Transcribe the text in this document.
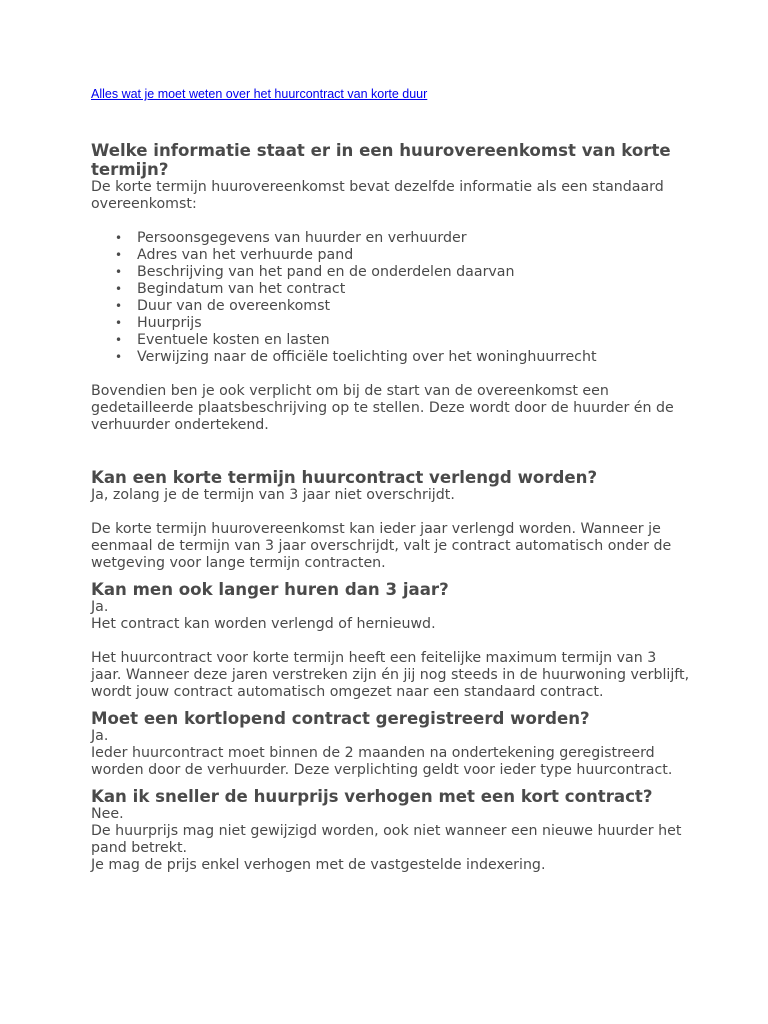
Alles wat je moet weten over het huurcontract van korte duur
Welke informatie staat er in een huurovereenkomst van korte termijn?

De korte termijn huurovereenkomst bevat dezelfde informatie als een standaard overeenkomst:

• Persoonsgegevens van huurder en verhuurder
• Adres van het verhuurde pand
• Beschrijving van het pand en de onderdelen daarvan
• Begindatum van het contract
• Duur van de overeenkomst
• Huurprijs
• Eventuele kosten en lasten
• Verwijzing naar de officiële toelichting over het woninghuurrecht

Bovendien ben je ook verplicht om bij de start van de overeenkomst een gedetailleerde plaatsbeschrijving op te stellen. Deze wordt door de huurder én de verhuurder ondertekend.

Kan een korte termijn huurcontract verlengd worden?

Ja, zolang je de termijn van 3 jaar niet overschrijdt.

De korte termijn huurovereenkomst kan ieder jaar verlengd worden. Wanneer je eenmaal de termijn van 3 jaar overschrijdt, valt je contract automatisch onder de wetgeving voor lange termijn contracten.

Kan men ook langer huren dan 3 jaar?

Ja.

Het contract kan worden verlengd of hernieuwd.

Het huurcontract voor korte termijn heeft een feitelijke maximum termijn van 3 jaar. Wanneer deze jaren verstreken zijn én jij nog steeds in de huurwoning verblijft, wordt jouw contract automatisch omgezet naar een standaard contract.

Moet een kortlopend contract geregistreerd worden?

Ja.

Ieder huurcontract moet binnen de 2 maanden na ondertekening geregistreerd worden door de verhuurder. Deze verplichting geldt voor ieder type huurcontract.

Kan ik sneller de huurprijs verhogen met een kort contract?

Nee.

De huurprijs mag niet gewijzigd worden, ook niet wanneer een nieuwe huurder het pand betrekt.

Je mag de prijs enkel verhogen met de vastgestelde indexering.
